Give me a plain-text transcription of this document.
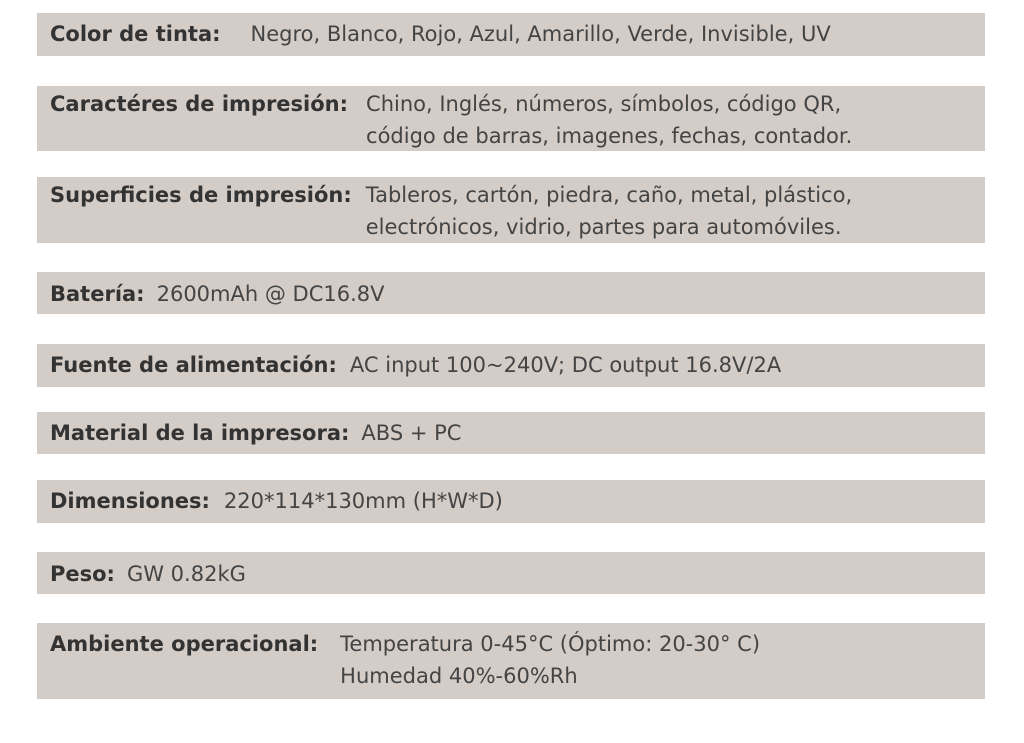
Color de tinta: Negro, Blanco, Rojo, Azul, Amarillo, Verde, Invisible, UV
Caractéres de impresión: Chino, Inglés, números, símbolos, código QR,
código de barras, imagenes, fechas, contador.
Superficies de impresión: Tableros, cartón, piedra, caño, metal, plástico,
electrónicos, vidrio, partes para automóviles.
Batería: 2600mAh @ DC16.8V
Fuente de alimentación: AC input 100~240V; DC output 16.8V/2A
Material de la impresora: ABS + PC
Dimensiones: 220*114*130mm (H*W*D)
Peso: GW 0.82kG
Ambiente operacional: Temperatura 0-45°C (Óptimo: 20-30° C)
Humedad 40%-60%Rh
